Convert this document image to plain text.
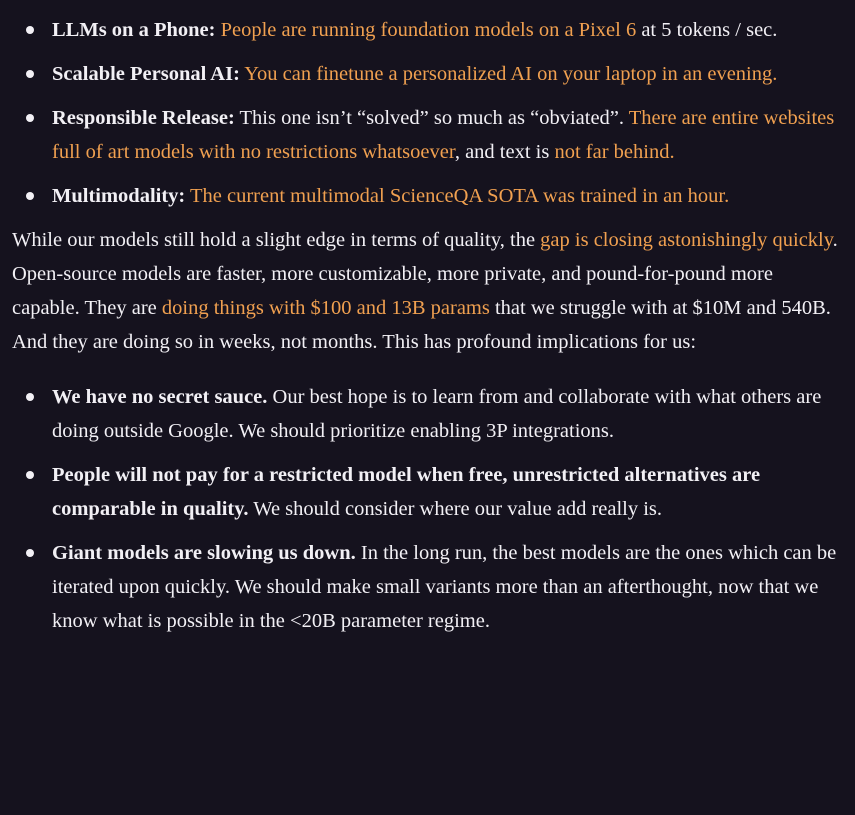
LLMs on a Phone: People are running foundation models on a Pixel 6 at 5 tokens / sec.
Scalable Personal AI: You can finetune a personalized AI on your laptop in an evening.
Responsible Release: This one isn’t “solved” so much as “obviated”. There are entire websites full of art models with no restrictions whatsoever, and text is not far behind.
Multimodality: The current multimodal ScienceQA SOTA was trained in an hour.

While our models still hold a slight edge in terms of quality, the gap is closing astonishingly quickly. Open-source models are faster, more customizable, more private, and pound-for-pound more capable. They are doing things with $100 and 13B params that we struggle with at $10M and 540B. And they are doing so in weeks, not months. This has profound implications for us:

We have no secret sauce. Our best hope is to learn from and collaborate with what others are doing outside Google. We should prioritize enabling 3P integrations.
People will not pay for a restricted model when free, unrestricted alternatives are comparable in quality. We should consider where our value add really is.
Giant models are slowing us down. In the long run, the best models are the ones which can be iterated upon quickly. We should make small variants more than an afterthought, now that we know what is possible in the <20B parameter regime.
